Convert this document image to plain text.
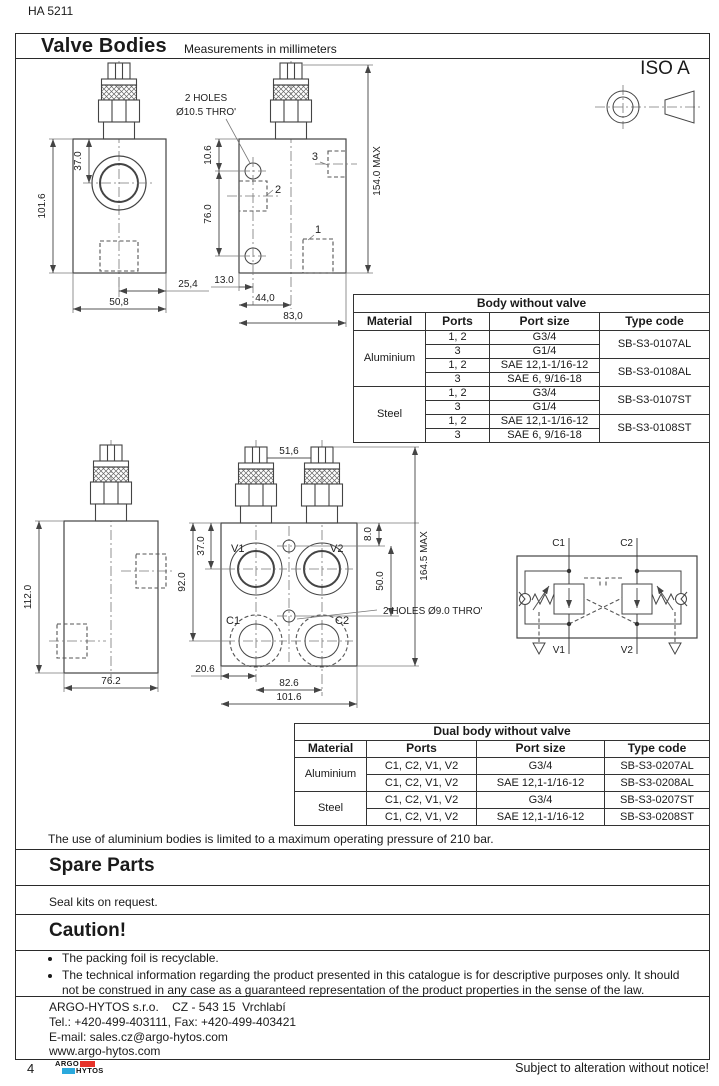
HA 5211
Valve Bodies Measurements in millimeters
101.6
37.0
25,4
50,8
2
3
1
10.6
76.0
13.0
44,0
83,0
154.0 MAX
2 HOLES
Ø10.5 THRO'
ISO A
Body without valve			
Material	Ports	Port size	Type code
Aluminium	1, 2	G3/4	SB-S3-0107AL
	3	G1/4	
	1, 2	SAE 12,1-1/16-12	SB-S3-0108AL
	3	SAE 6, 9/16-18	
Steel	1, 2	G3/4	SB-S3-0107ST
	3	G1/4	
	1, 2	SAE 12,1-1/16-12	SB-S3-0108ST
	3	SAE 6, 9/16-18	
112.0
76.2
51,6
V1	V2
C1	C2
37.0
92.0
8.0
50.0
164.5 MAX
20.6
82.6
101.6
2 HOLES Ø9.0 THRO'
C1	C2
V1	V2
Dual body without valve			
Material	Ports	Port size	Type code
Aluminium	C1, C2, V1, V2	G3/4	SB-S3-0207AL
	C1, C2, V1, V2	SAE 12,1-1/16-12	SB-S3-0208AL
Steel	C1, C2, V1, V2	G3/4	SB-S3-0207ST
	C1, C2, V1, V2	SAE 12,1-1/16-12	SB-S3-0208ST
The use of aluminium bodies is limited to a maximum operating pressure of 210 bar.
Spare Parts
Seal kits on request.
Caution!
• The packing foil is recyclable.
• The technical information regarding the product presented in this catalogue is for descriptive purposes only. It should not be construed in any case as a guaranteed representation of the product properties in the sense of the law.
ARGO-HYTOS s.r.o.    CZ - 543 15  Vrchlabí
Tel.: +420-499-403111, Fax: +420-499-403421
E-mail: sales.cz@argo-hytos.com
www.argo-hytos.com
4	ARGO
HYTOS	Subject to alteration without notice!
